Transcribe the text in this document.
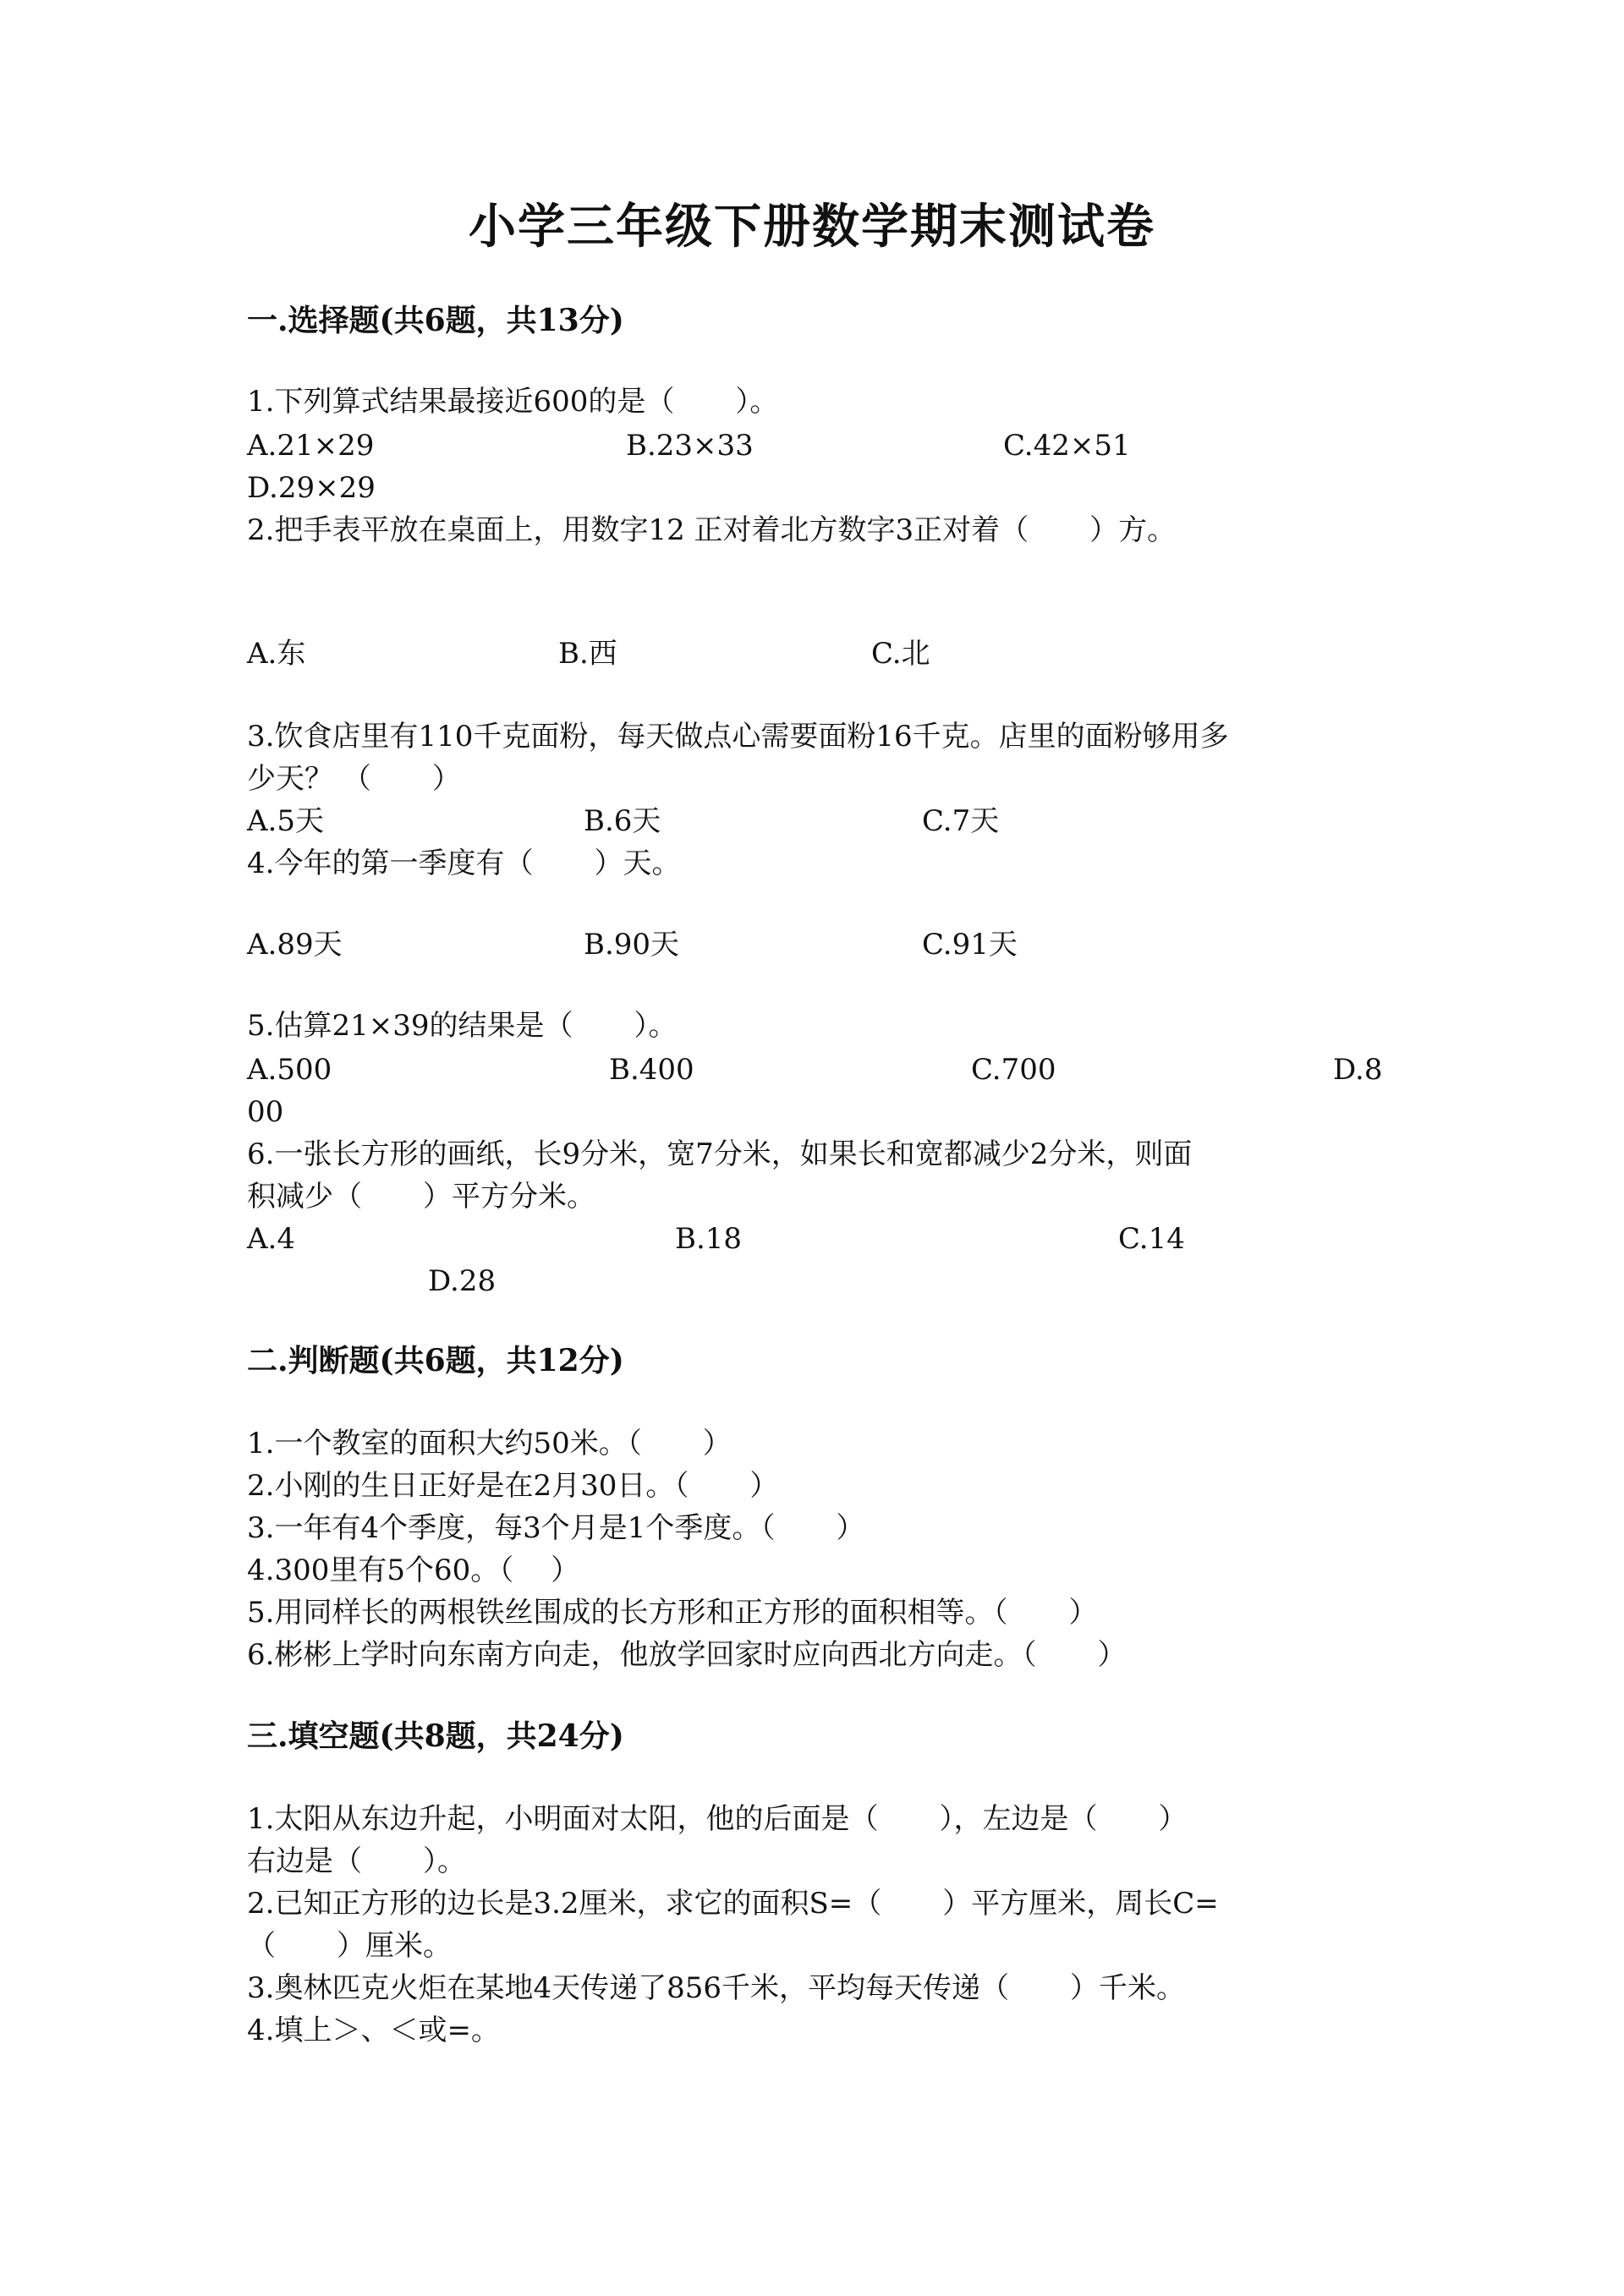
小学三年级下册数学期末测试卷
一.选择题(共6题，共13分)
1.下列算式结果最接近600的是（ ）。
A.21×29	B.23×33	C.42×51
D.29×29
2.把手表平放在桌面上，用数字12 正对着北方数字3正对着（ ）方。
A.东	B.西	C.北
3.饮食店里有110千克面粉，每天做点心需要面粉16千克。店里的面粉够用多
少天？ （ ）
A.5天	B.6天	C.7天
4.今年的第一季度有（ ）天。
A.89天	B.90天	C.91天
5.估算21×39的结果是（ ）。
A.500	B.400	C.700	D.8
00
6.一张长方形的画纸，长9分米，宽7分米，如果长和宽都减少2分米，则面
积减少（ ）平方分米。
A.4	B.18	C.14
D.28
二.判断题(共6题，共12分)
1.一个教室的面积大约50米。（ ）
2.小刚的生日正好是在2月30日。（ ）
3.一年有4个季度，每3个月是1个季度。（ ）
4.300里有5个60。（ ）
5.用同样长的两根铁丝围成的长方形和正方形的面积相等。（ ）
6.彬彬上学时向东南方向走，他放学回家时应向西北方向走。（ ）
三.填空题(共8题，共24分)
1.太阳从东边升起，小明面对太阳，他的后面是（ ），左边是（ ）
右边是（ ）。
2.已知正方形的边长是3.2厘米，求它的面积S=（ ）平方厘米，周长C=
（ ）厘米。
3.奥林匹克火炬在某地4天传递了856千米，平均每天传递（ ）千米。
4.填上＞、＜或=。
